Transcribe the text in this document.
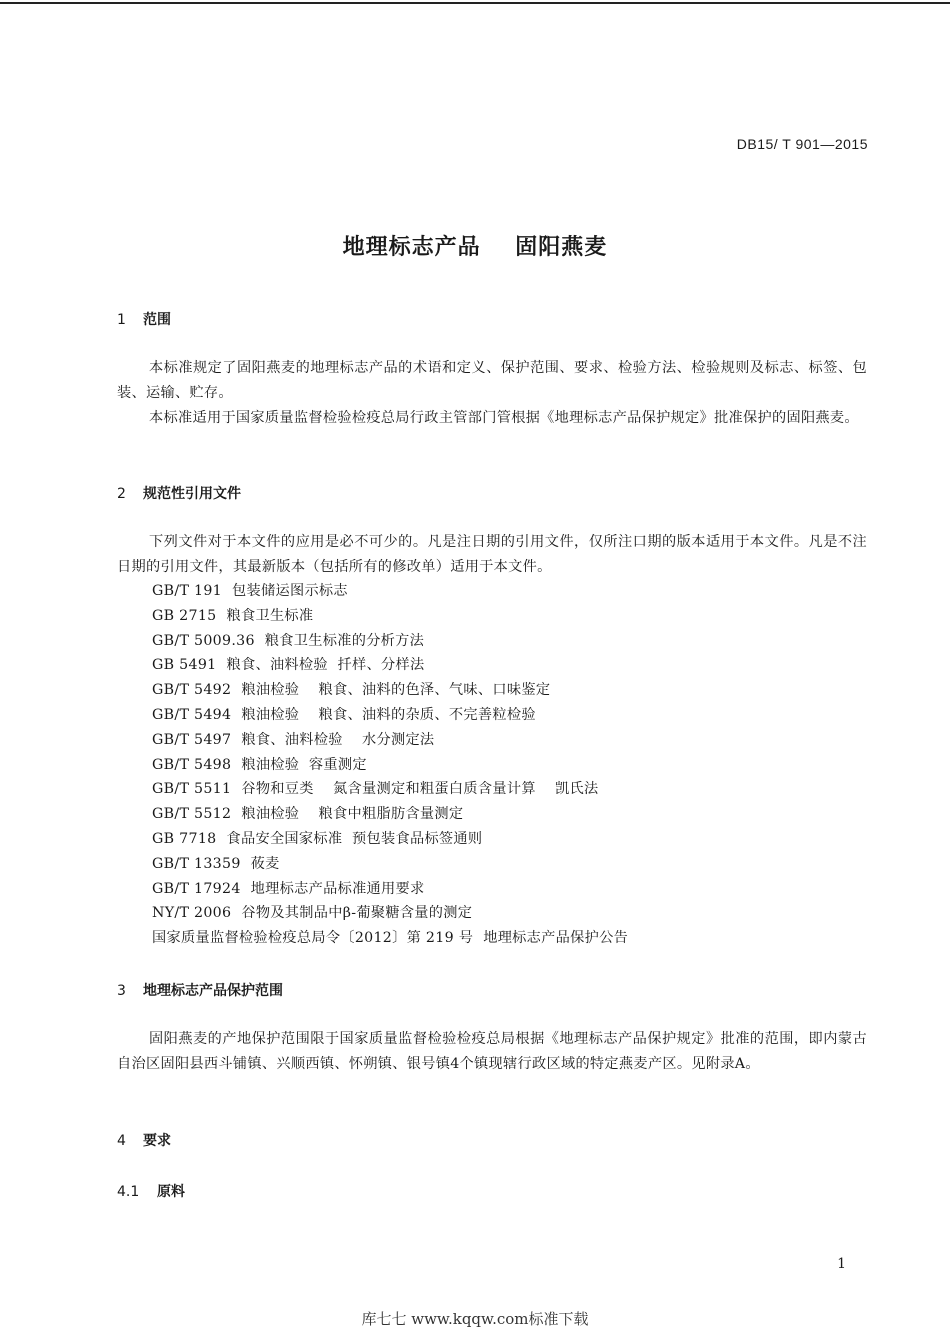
DB15/ T 901—2015
地理标志产品    固阳燕麦
1 范围
本标准规定了固阳燕麦的地理标志产品的术语和定义、保护范围、要求、检验方法、检验规则及标志、标签、包装、运输、贮存。
本标准适用于国家质量监督检验检疫总局行政主管部门管根据《地理标志产品保护规定》批准保护的固阳燕麦。
2 规范性引用文件
下列文件对于本文件的应用是必不可少的。凡是注日期的引用文件，仅所注口期的版本适用于本文件。凡是不注日期的引用文件，其最新版本（包括所有的修改单）适用于本文件。
GB/T 191 包装储运图示标志
GB 2715 粮食卫生标准
GB/T 5009.36 粮食卫生标准的分析方法
GB 5491 粮食、油料检验  扦样、分样法
GB/T 5492 粮油检验    粮食、油料的色泽、气味、口味鉴定
GB/T 5494 粮油检验    粮食、油料的杂质、不完善粒检验
GB/T 5497 粮食、油料检验    水分测定法
GB/T 5498 粮油检验  容重测定
GB/T 5511 谷物和豆类    氮含量测定和粗蛋白质含量计算    凯氏法
GB/T 5512 粮油检验    粮食中粗脂肪含量测定
GB 7718 食品安全国家标准  预包装食品标签通则
GB/T 13359 莜麦
GB/T 17924 地理标志产品标准通用要求
NY/T 2006 谷物及其制品中β-葡聚糖含量的测定
国家质量监督检验检疫总局令〔2012〕第 219 号 地理标志产品保护公告
3 地理标志产品保护范围
固阳燕麦的产地保护范围限于国家质量监督检验检疫总局根据《地理标志产品保护规定》批准的范围，即内蒙古自治区固阳县西斗铺镇、兴顺西镇、怀朔镇、银号镇4个镇现辖行政区域的特定燕麦产区。见附录A。
4 要求
4.1 原料
1
库七七 www.kqqw.com标准下载
